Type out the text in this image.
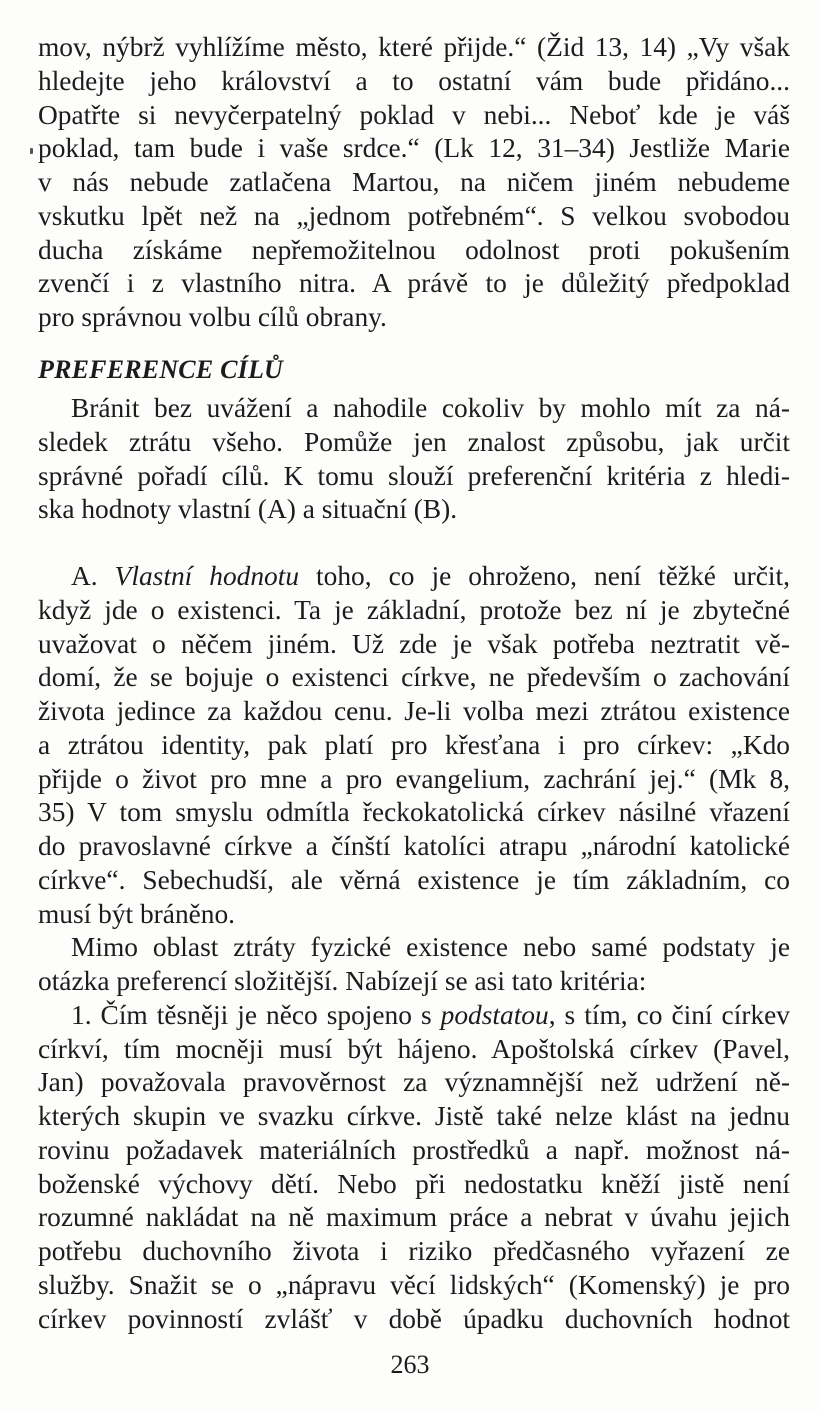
mov, nýbrž vyhlížíme město, které přijde.“ (Žid 13, 14) „Vy však
hledejte jeho království a to ostatní vám bude přidáno...
Opatřte si nevyčerpatelný poklad v nebi... Neboť kde je váš
poklad, tam bude i vaše srdce.“ (Lk 12, 31–34) Jestliže Marie
v nás nebude zatlačena Martou, na ničem jiném nebudeme
vskutku lpět než na „jednom potřebném“. S velkou svobodou
ducha získáme nepřemožitelnou odolnost proti pokušením
zvenčí i z vlastního nitra. A právě to je důležitý předpoklad
pro správnou volbu cílů obrany.
PREFERENCE CÍLŮ
Bránit bez uvážení a nahodile cokoliv by mohlo mít za ná-
sledek ztrátu všeho. Pomůže jen znalost způsobu, jak určit
správné pořadí cílů. K tomu slouží preferenční kritéria z hledi-
ska hodnoty vlastní (A) a situační (B).
A. Vlastní hodnotu toho, co je ohroženo, není těžké určit,
když jde o existenci. Ta je základní, protože bez ní je zbytečné
uvažovat o něčem jiném. Už zde je však potřeba neztratit vě-
domí, že se bojuje o existenci církve, ne především o zachování
života jedince za každou cenu. Je-li volba mezi ztrátou existence
a ztrátou identity, pak platí pro křesťana i pro církev: „Kdo
přijde o život pro mne a pro evangelium, zachrání jej.“ (Mk 8,
35) V tom smyslu odmítla řeckokatolická církev násilné vřazení
do pravoslavné církve a čínští katolíci atrapu „národní katolické
církve“. Sebechudší, ale věrná existence je tím základním, co
musí být bráněno.
Mimo oblast ztráty fyzické existence nebo samé podstaty je
otázka preferencí složitější. Nabízejí se asi tato kritéria:
1. Čím těsněji je něco spojeno s podstatou, s tím, co činí církev
církví, tím mocněji musí být hájeno. Apoštolská církev (Pavel,
Jan) považovala pravověrnost za významnější než udržení ně-
kterých skupin ve svazku církve. Jistě také nelze klást na jednu
rovinu požadavek materiálních prostředků a např. možnost ná-
boženské výchovy dětí. Nebo při nedostatku kněží jistě není
rozumné nakládat na ně maximum práce a nebrat v úvahu jejich
potřebu duchovního života i riziko předčasného vyřazení ze
služby. Snažit se o „nápravu věcí lidských“ (Komenský) je pro
církev povinností zvlášť v době úpadku duchovních hodnot
263
